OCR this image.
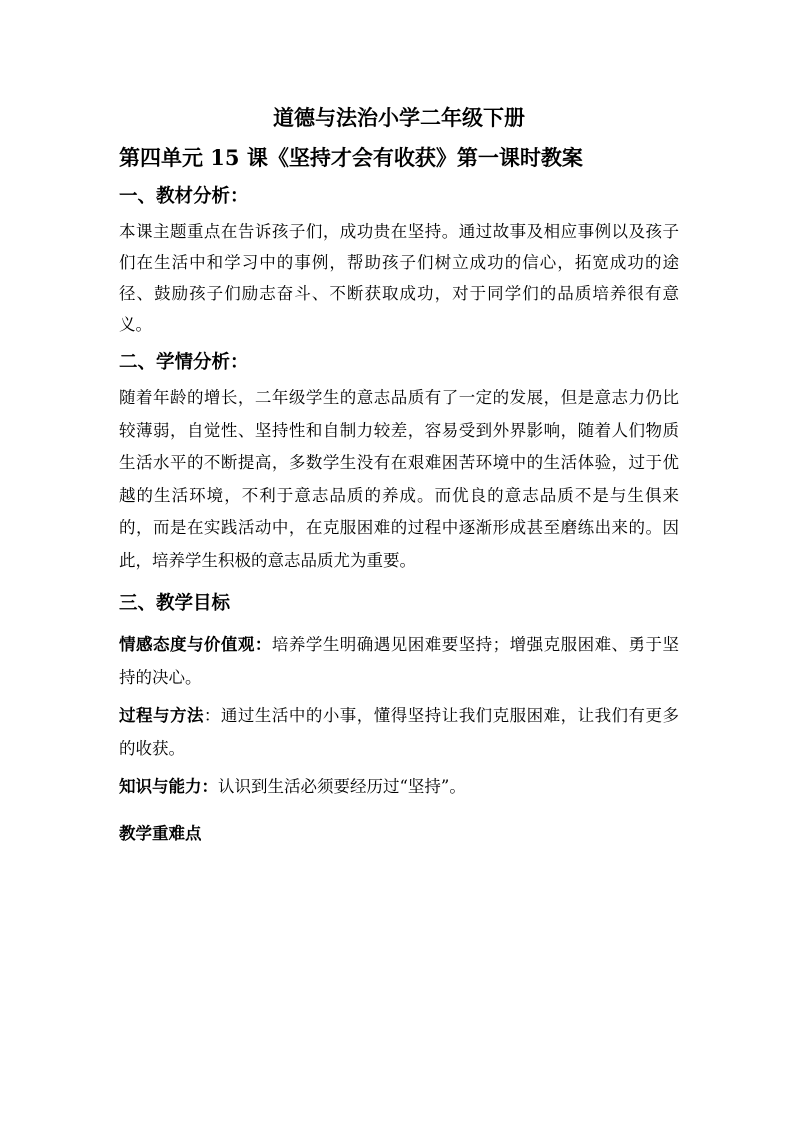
道德与法治小学二年级下册

第四单元 15 课《坚持才会有收获》第一课时教案

一、教材分析：

本课主题重点在告诉孩子们，成功贵在坚持。通过故事及相应事例以及孩子们在生活中和学习中的事例，帮助孩子们树立成功的信心，拓宽成功的途径、鼓励孩子们励志奋斗、不断获取成功，对于同学们的品质培养很有意义。

二、学情分析：

随着年龄的增长，二年级学生的意志品质有了一定的发展，但是意志力仍比较薄弱，自觉性、坚持性和自制力较差，容易受到外界影响，随着人们物质生活水平的不断提高，多数学生没有在艰难困苦环境中的生活体验，过于优越的生活环境，不利于意志品质的养成。而优良的意志品质不是与生俱来的，而是在实践活动中，在克服困难的过程中逐渐形成甚至磨练出来的。因此，培养学生积极的意志品质尤为重要。

三、教学目标

情感态度与价值观：培养学生明确遇见困难要坚持；增强克服困难、勇于坚持的决心。

过程与方法：通过生活中的小事，懂得坚持让我们克服困难，让我们有更多的收获。

知识与能力：认识到生活必须要经历过“坚持”。

教学重难点
